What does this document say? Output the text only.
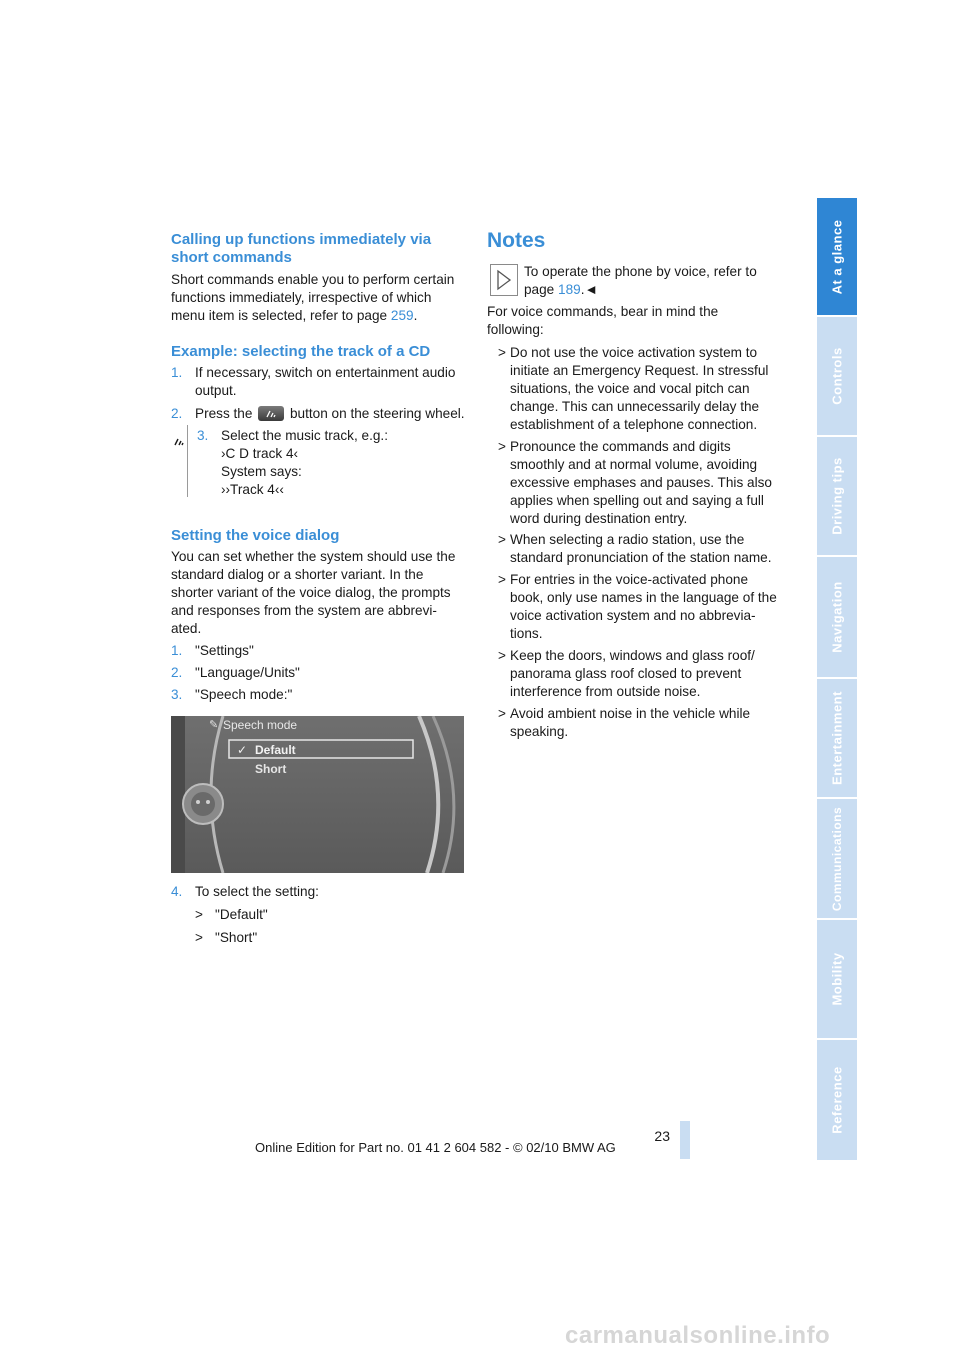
At a glance
Controls
Driving tips
Navigation
Entertainment
Communications
Mobility
Reference
Calling up functions immediately via
short commands
Short commands enable you to perform certain
functions immediately, irrespective of which
menu item is selected, refer to page 259.
Example: selecting the track of a CD
1. If necessary, switch on entertainment audio
output.
2. Press the	button on the steering wheel.
3. Select the music track, e.g.:
›C D track 4‹
System says:
››Track 4‹‹
Setting the voice dialog
You can set whether the system should use the
standard dialog or a shorter variant. In the
shorter variant of the voice dialog, the prompts
and responses from the system are abbrevi-
ated.
1. "Settings"
2. "Language/Units"
3. "Speech mode:"
✎ Speech mode
✓ Default
Short
4. To select the setting:
> "Default"
> "Short"
Notes
To operate the phone by voice, refer to
page 189.◄
For voice commands, bear in mind the
following:
> Do not use the voice activation system to
initiate an Emergency Request. In stressful
situations, the voice and vocal pitch can
change. This can unnecessarily delay the
establishment of a telephone connection.
> Pronounce the commands and digits
smoothly and at normal volume, avoiding
excessive emphases and pauses. This also
applies when spelling out and saying a full
word during destination entry.
> When selecting a radio station, use the
standard pronunciation of the station name.
> For entries in the voice-activated phone
book, only use names in the language of the
voice activation system and no abbrevia-
tions.
> Keep the doors, windows and glass roof/
panorama glass roof closed to prevent
interference from outside noise.
> Avoid ambient noise in the vehicle while
speaking.
23
Online Edition for Part no. 01 41 2 604 582 - © 02/10 BMW AG
carmanualsonline.info
